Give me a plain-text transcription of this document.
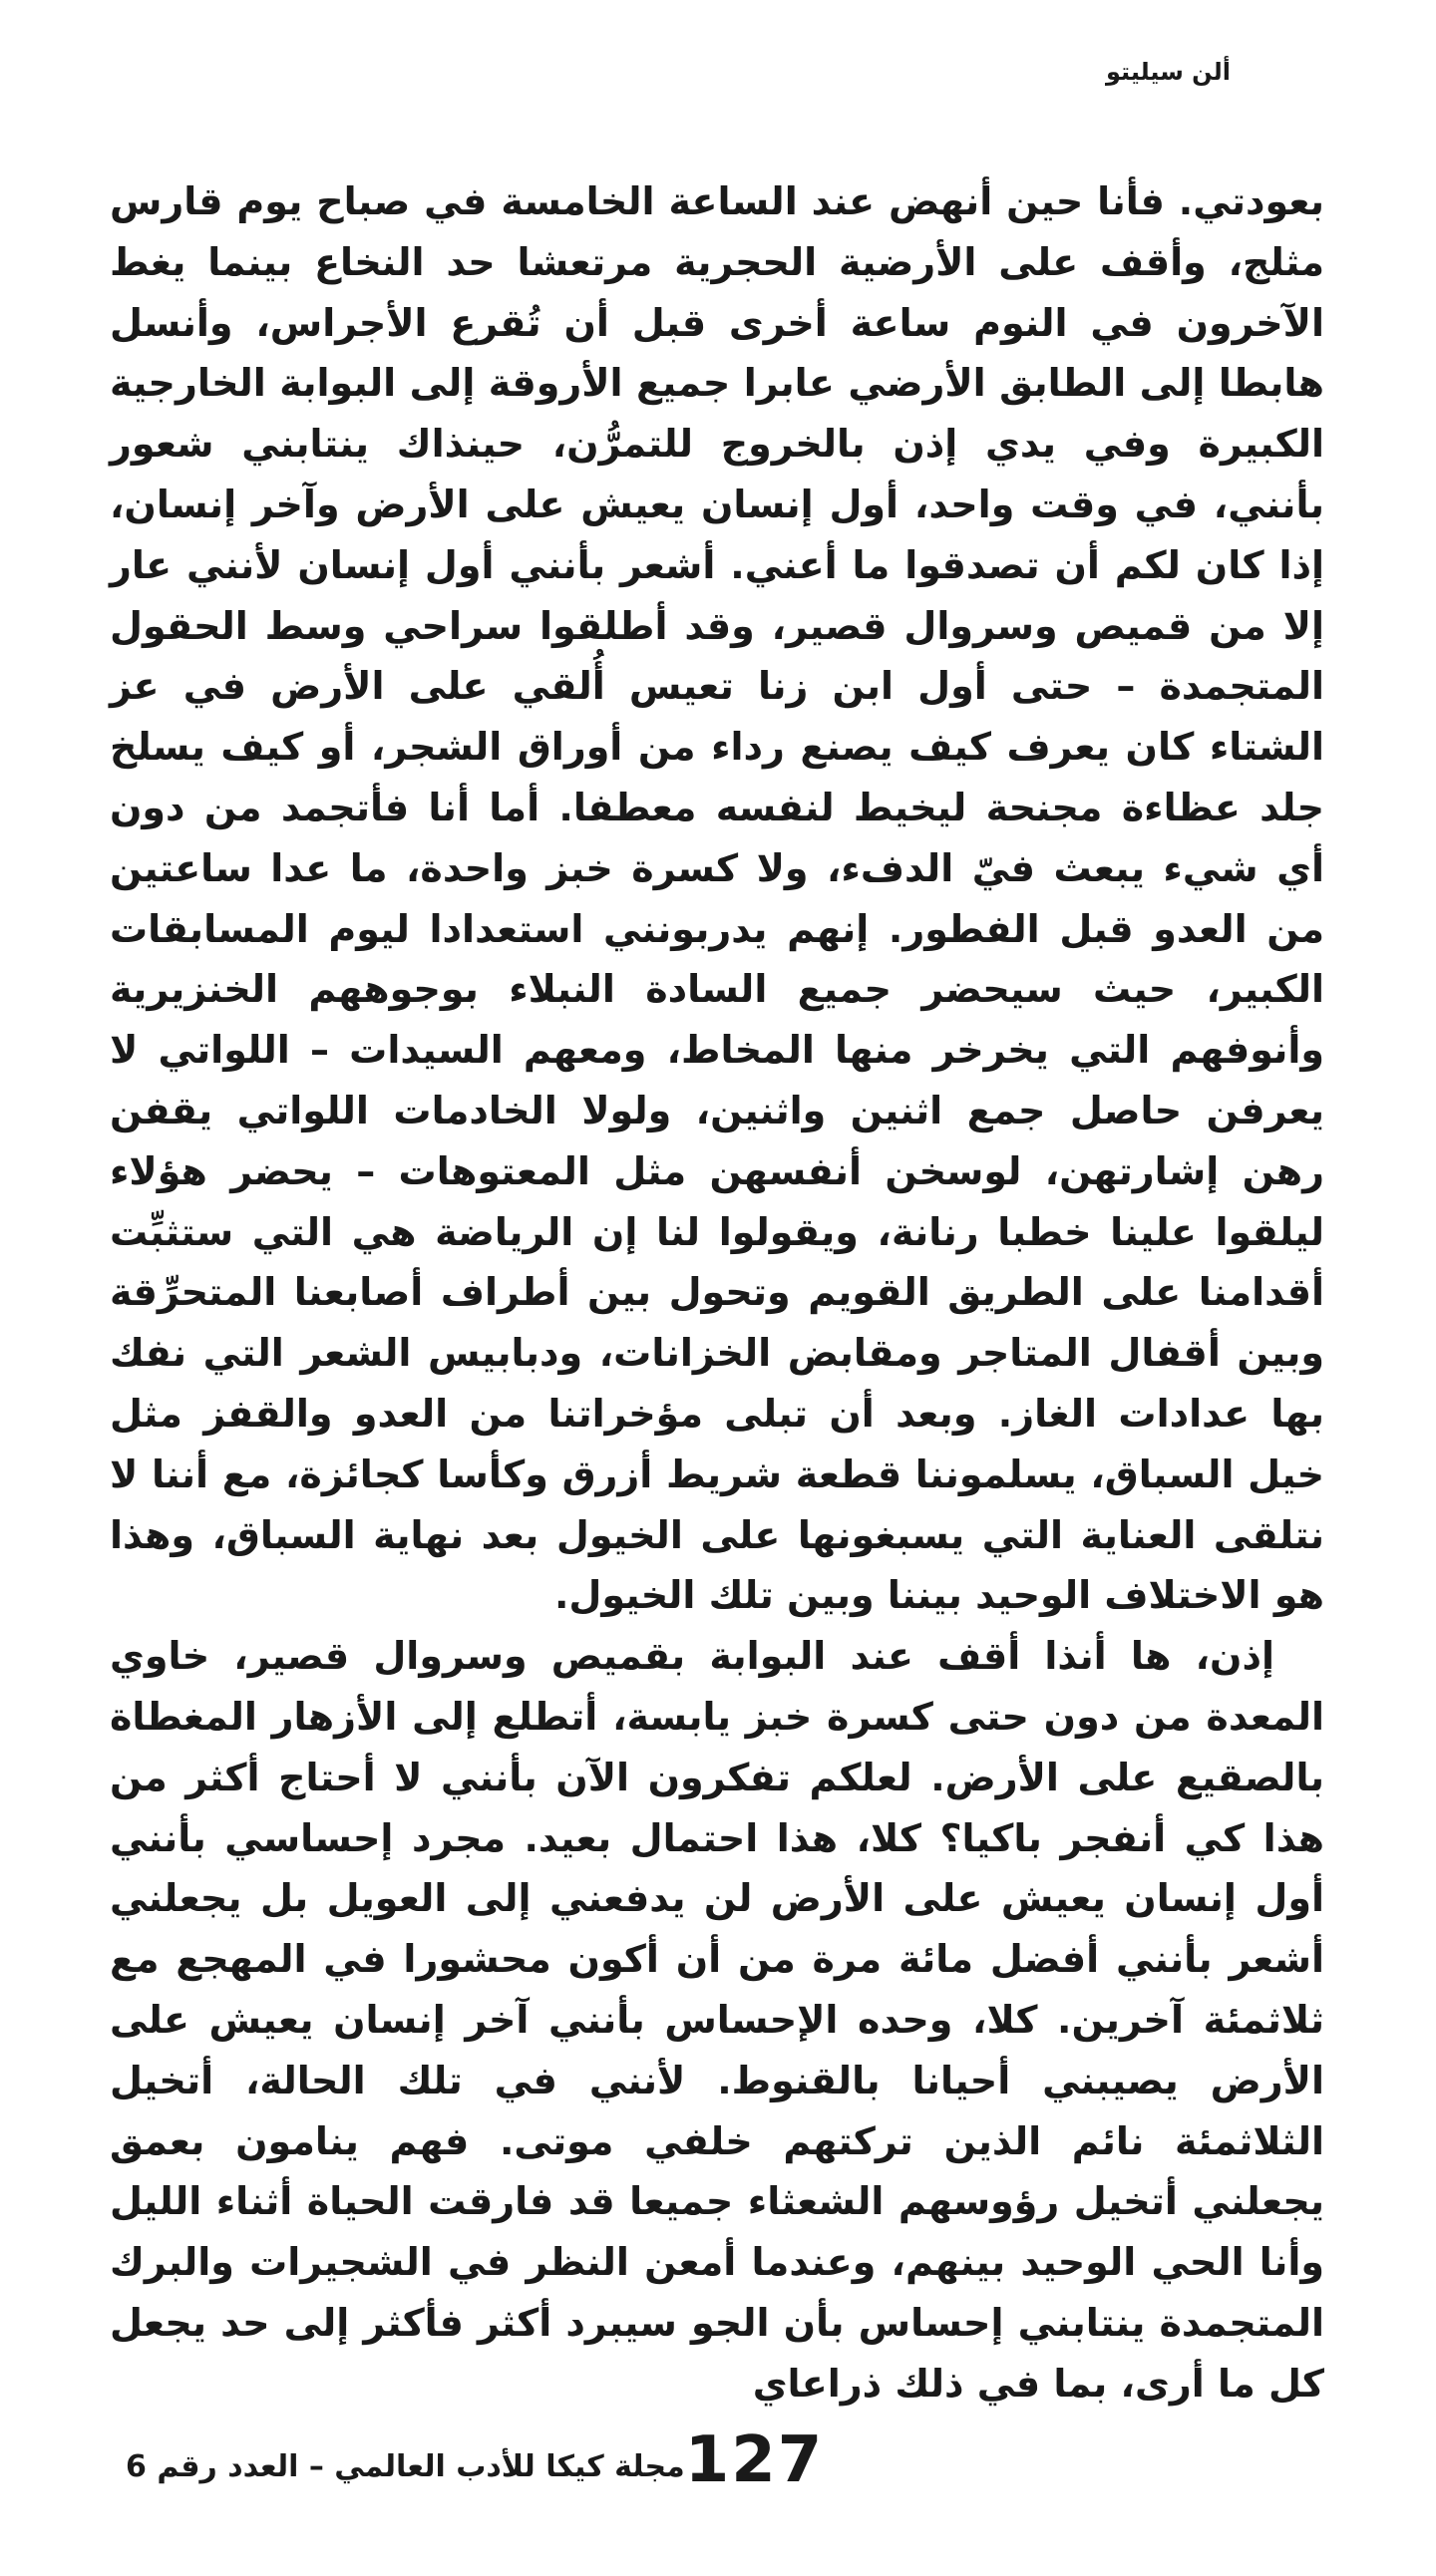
ألن سيليتو

بعودتي. فأنا حين أنهض عند الساعة الخامسة في صباح يوم قارس مثلج، وأقف على الأرضية الحجرية مرتعشا حد النخاع بينما يغط الآخرون في النوم ساعة أخرى قبل أن تُقرع الأجراس، وأنسل هابطا إلى الطابق الأرضي عابرا جميع الأروقة إلى البوابة الخارجية الكبيرة وفي يدي إذن بالخروج للتمرُّن، حينذاك ينتابني شعور بأنني، في وقت واحد، أول إنسان يعيش على الأرض وآخر إنسان، إذا كان لكم أن تصدقوا ما أعني. أشعر بأنني أول إنسان لأنني عار إلا من قميص وسروال قصير، وقد أطلقوا سراحي وسط الحقول المتجمدة – حتى أول ابن زنا تعيس أُلقي على الأرض في عز الشتاء كان يعرف كيف يصنع رداء من أوراق الشجر، أو كيف يسلخ جلد عظاءة مجنحة ليخيط لنفسه معطفا. أما أنا فأتجمد من دون أي شيء يبعث فيّ الدفء، ولا كسرة خبز واحدة، ما عدا ساعتين من العدو قبل الفطور. إنهم يدربونني استعدادا ليوم المسابقات الكبير، حيث سيحضر جميع السادة النبلاء بوجوههم الخنزيرية وأنوفهم التي يخرخر منها المخاط، ومعهم السيدات – اللواتي لا يعرفن حاصل جمع اثنين واثنين، ولولا الخادمات اللواتي يقفن رهن إشارتهن، لوسخن أنفسهن مثل المعتوهات – يحضر هؤلاء ليلقوا علينا خطبا رنانة، ويقولوا لنا إن الرياضة هي التي ستثبِّت أقدامنا على الطريق القويم وتحول بين أطراف أصابعنا المتحرِّقة وبين أقفال المتاجر ومقابض الخزانات، ودبابيس الشعر التي نفك بها عدادات الغاز. وبعد أن تبلى مؤخراتنا من العدو والقفز مثل خيل السباق، يسلموننا قطعة شريط أزرق وكأسا كجائزة، مع أننا لا نتلقى العناية التي يسبغونها على الخيول بعد نهاية السباق، وهذا هو الاختلاف الوحيد بيننا وبين تلك الخيول.

إذن، ها أنذا أقف عند البوابة بقميص وسروال قصير، خاوي المعدة من دون حتى كسرة خبز يابسة، أتطلع إلى الأزهار المغطاة بالصقيع على الأرض. لعلكم تفكرون الآن بأنني لا أحتاج أكثر من هذا كي أنفجر باكيا؟ كلا، هذا احتمال بعيد. مجرد إحساسي بأنني أول إنسان يعيش على الأرض لن يدفعني إلى العويل بل يجعلني أشعر بأنني أفضل مائة مرة من أن أكون محشورا في المهجع مع ثلاثمئة آخرين. كلا، وحده الإحساس بأنني آخر إنسان يعيش على الأرض يصيبني أحيانا بالقنوط. لأنني في تلك الحالة، أتخيل الثلاثمئة نائم الذين تركتهم خلفي موتى. فهم ينامون بعمق يجعلني أتخيل رؤوسهم الشعثاء جميعا قد فارقت الحياة أثناء الليل وأنا الحي الوحيد بينهم، وعندما أمعن النظر في الشجيرات والبرك المتجمدة ينتابني إحساس بأن الجو سيبرد أكثر فأكثر إلى حد يجعل كل ما أرى، بما في ذلك ذراعاي

127
مجلة كيكا للأدب العالمي – العدد رقم 6
